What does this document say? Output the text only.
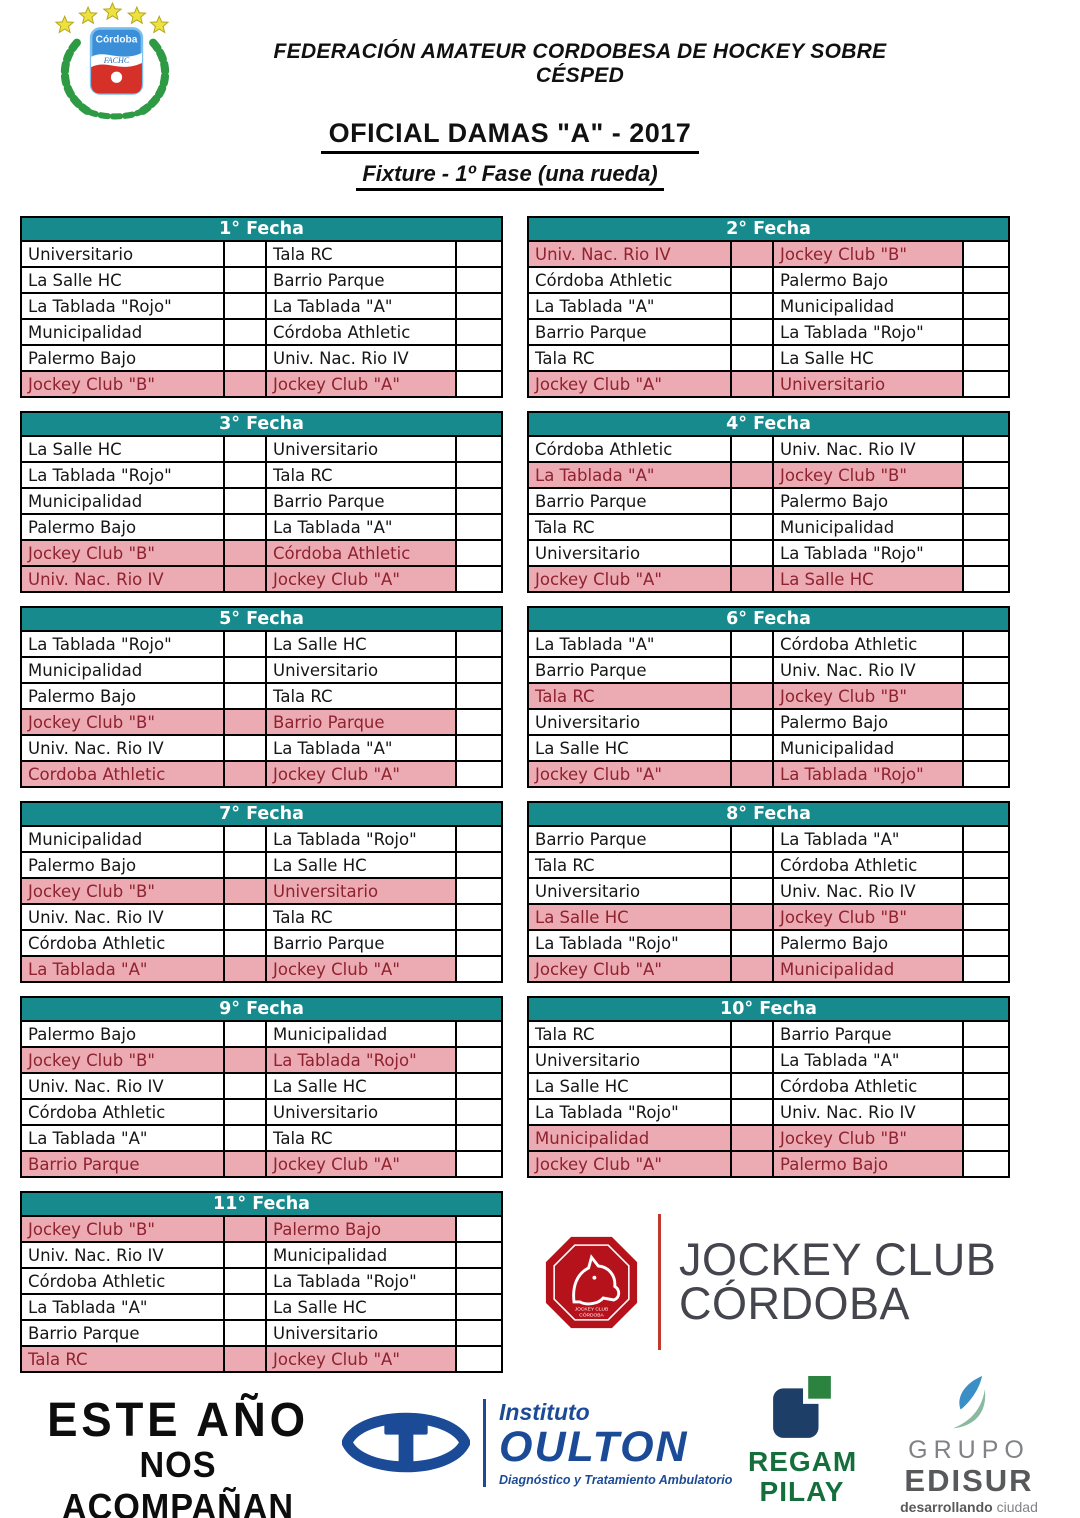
Córdoba
FACHC	FEDERACIÓN AMATEUR CORDOBESA DE HOCKEY SOBRE CÉSPED
OFICIAL DAMAS "A" - 2017
Fixture - 1º Fase (una rueda)
1° Fecha			
Universitario		Tala RC	
La Salle HC		Barrio Parque	
La Tablada "Rojo"		La Tablada "A"	
Municipalidad		Córdoba Athletic	
Palermo Bajo		Univ. Nac. Rio IV	
Jockey Club "B"		Jockey Club "A"	
2° Fecha			
Univ. Nac. Rio IV		Jockey Club "B"	
Córdoba Athletic		Palermo Bajo	
La Tablada "A"		Municipalidad	
Barrio Parque		La Tablada "Rojo"	
Tala RC		La Salle HC	
Jockey Club "A"		Universitario	
3° Fecha			
La Salle HC		Universitario	
La Tablada "Rojo"		Tala RC	
Municipalidad		Barrio Parque	
Palermo Bajo		La Tablada "A"	
Jockey Club "B"		Córdoba Athletic	
Univ. Nac. Rio IV		Jockey Club "A"	
4° Fecha			
Córdoba Athletic		Univ. Nac. Rio IV	
La Tablada "A"		Jockey Club "B"	
Barrio Parque		Palermo Bajo	
Tala RC		Municipalidad	
Universitario		La Tablada "Rojo"	
Jockey Club "A"		La Salle HC	
5° Fecha			
La Tablada "Rojo"		La Salle HC	
Municipalidad		Universitario	
Palermo Bajo		Tala RC	
Jockey Club "B"		Barrio Parque	
Univ. Nac. Rio IV		La Tablada "A"	
Cordoba Athletic		Jockey Club "A"	
6° Fecha			
La Tablada "A"		Córdoba Athletic	
Barrio Parque		Univ. Nac. Rio IV	
Tala RC		Jockey Club "B"	
Universitario		Palermo Bajo	
La Salle HC		Municipalidad	
Jockey Club "A"		La Tablada "Rojo"	
7° Fecha			
Municipalidad		La Tablada "Rojo"	
Palermo Bajo		La Salle HC	
Jockey Club "B"		Universitario	
Univ. Nac. Rio IV		Tala RC	
Córdoba Athletic		Barrio Parque	
La Tablada "A"		Jockey Club "A"	
8° Fecha			
Barrio Parque		La Tablada "A"	
Tala RC		Córdoba Athletic	
Universitario		Univ. Nac. Rio IV	
La Salle HC		Jockey Club "B"	
La Tablada "Rojo"		Palermo Bajo	
Jockey Club "A"		Municipalidad	
9° Fecha			
Palermo Bajo		Municipalidad	
Jockey Club "B"		La Tablada "Rojo"	
Univ. Nac. Rio IV		La Salle HC	
Córdoba Athletic		Universitario	
La Tablada "A"		Tala RC	
Barrio Parque		Jockey Club "A"	
10° Fecha			
Tala RC		Barrio Parque	
Universitario		La Tablada "A"	
La Salle HC		Córdoba Athletic	
La Tablada "Rojo"		Univ. Nac. Rio IV	
Municipalidad		Jockey Club "B"	
Jockey Club "A"		Palermo Bajo	
11° Fecha			
Jockey Club "B"		Palermo Bajo	
Univ. Nac. Rio IV		Municipalidad	
Córdoba Athletic		La Tablada "Rojo"	
La Tablada "A"		La Salle HC	
Barrio Parque		Universitario	
Tala RC		Jockey Club "A"	
JOCKEY CLUB
CÓRDOBA
JOCKEY CLUB
CÓRDOBA
ESTE AÑO
NOS ACOMPAÑAN
Instituto
OULTON
Diagnóstico y Tratamiento Ambulatorio
REGAM
PILAY
GRUPO
EDISUR
desarrollando ciudad
